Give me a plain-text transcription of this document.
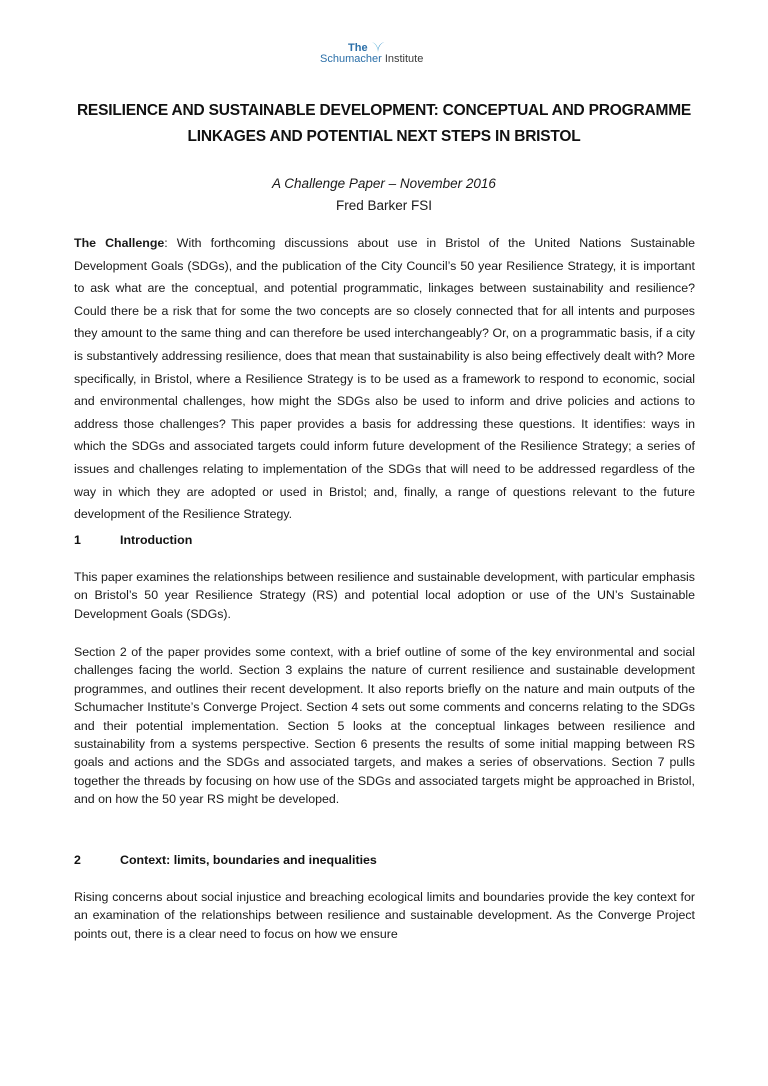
The
Schumacher Institute
RESILIENCE AND SUSTAINABLE DEVELOPMENT: CONCEPTUAL AND PROGRAMME LINKAGES AND POTENTIAL NEXT STEPS IN BRISTOL
A Challenge Paper – November 2016
Fred Barker FSI
The Challenge: With forthcoming discussions about use in Bristol of the United Nations Sustainable Development Goals (SDGs), and the publication of the City Council’s 50 year Resilience Strategy, it is important to ask what are the conceptual, and potential programmatic, linkages between sustainability and resilience? Could there be a risk that for some the two concepts are so closely connected that for all intents and purposes they amount to the same thing and can therefore be used interchangeably? Or, on a programmatic basis, if a city is substantively addressing resilience, does that mean that sustainability is also being effectively dealt with? More specifically, in Bristol, where a Resilience Strategy is to be used as a framework to respond to economic, social and environmental challenges, how might the SDGs also be used to inform and drive policies and actions to address those challenges? This paper provides a basis for addressing these questions. It identifies: ways in which the SDGs and associated targets could inform future development of the Resilience Strategy; a series of issues and challenges relating to implementation of the SDGs that will need to be addressed regardless of the way in which they are adopted or used in Bristol; and, finally, a range of questions relevant to the future development of the Resilience Strategy.
1	Introduction
This paper examines the relationships between resilience and sustainable development, with particular emphasis on Bristol’s 50 year Resilience Strategy (RS) and potential local adoption or use of the UN’s Sustainable Development Goals (SDGs).
Section 2 of the paper provides some context, with a brief outline of some of the key environmental and social challenges facing the world. Section 3 explains the nature of current resilience and sustainable development programmes, and outlines their recent development. It also reports briefly on the nature and main outputs of the Schumacher Institute’s Converge Project. Section 4 sets out some comments and concerns relating to the SDGs and their potential implementation. Section 5 looks at the conceptual linkages between resilience and sustainability from a systems perspective. Section 6 presents the results of some initial mapping between RS goals and actions and the SDGs and associated targets, and makes a series of observations. Section 7 pulls together the threads by focusing on how use of the SDGs and associated targets might be approached in Bristol, and on how the 50 year RS might be developed.
2	Context: limits, boundaries and inequalities
Rising concerns about social injustice and breaching ecological limits and boundaries provide the key context for an examination of the relationships between resilience and sustainable development. As the Converge Project points out, there is a clear need to focus on how we ensure
